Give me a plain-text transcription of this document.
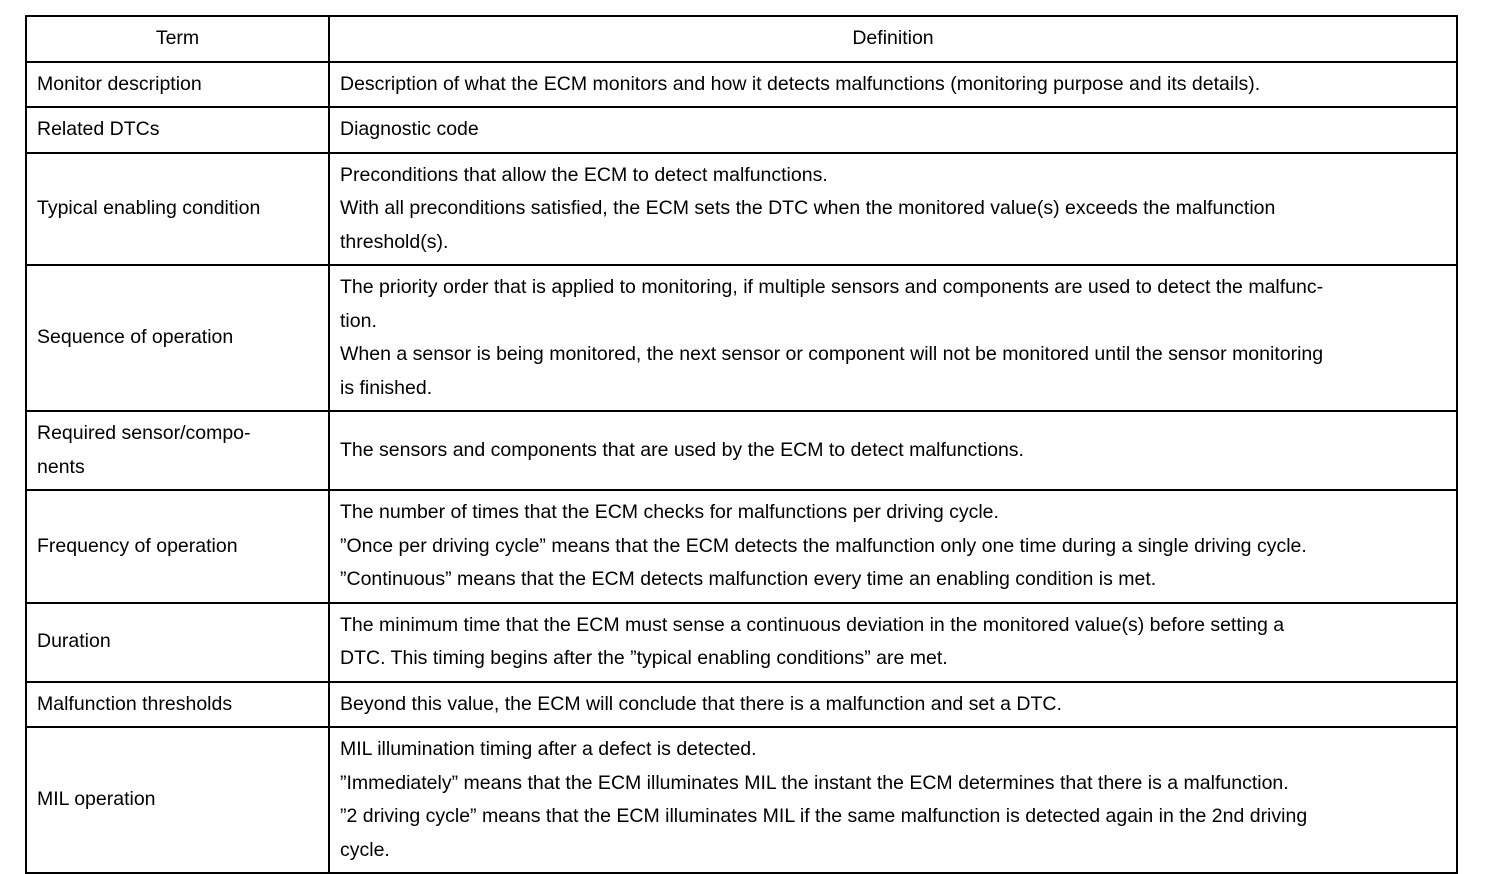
Term	Definition

Monitor description	Description of what the ECM monitors and how it detects malfunctions (monitoring purpose and its details).

Related DTCs	Diagnostic code

Typical enabling condition	Preconditions that allow the ECM to detect malfunctions.
With all preconditions satisfied, the ECM sets the DTC when the monitored value(s) exceeds the malfunction
threshold(s).

Sequence of operation	The priority order that is applied to monitoring, if multiple sensors and components are used to detect the malfunc-
tion.
When a sensor is being monitored, the next sensor or component will not be monitored until the sensor monitoring
is finished.

Required sensor/compo-
nents	The sensors and components that are used by the ECM to detect malfunctions.

Frequency of operation	The number of times that the ECM checks for malfunctions per driving cycle.
”Once per driving cycle” means that the ECM detects the malfunction only one time during a single driving cycle.
”Continuous” means that the ECM detects malfunction every time an enabling condition is met.

Duration	The minimum time that the ECM must sense a continuous deviation in the monitored value(s) before setting a
DTC. This timing begins after the ”typical enabling conditions” are met.

Malfunction thresholds	Beyond this value, the ECM will conclude that there is a malfunction and set a DTC.

MIL operation	MIL illumination timing after a defect is detected.
”Immediately” means that the ECM illuminates MIL the instant the ECM determines that there is a malfunction.
”2 driving cycle” means that the ECM illuminates MIL if the same malfunction is detected again in the 2nd driving
cycle.
